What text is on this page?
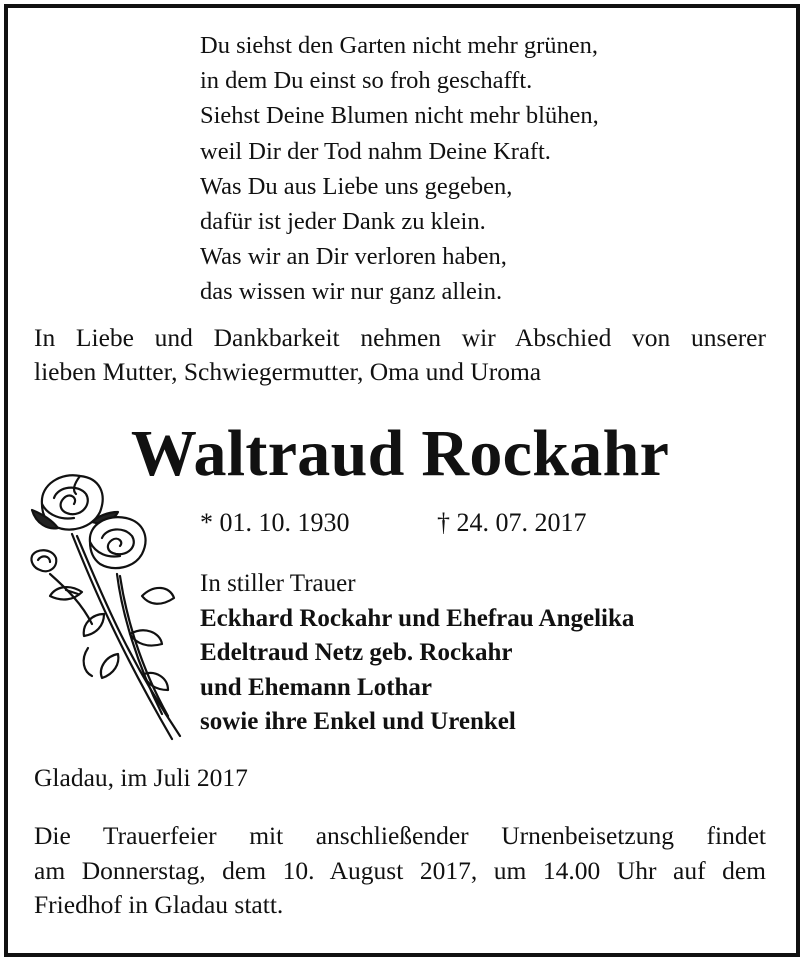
Du siehst den Garten nicht mehr grünen,
in dem Du einst so froh geschafft.
Siehst Deine Blumen nicht mehr blühen,
weil Dir der Tod nahm Deine Kraft.
Was Du aus Liebe uns gegeben,
dafür ist jeder Dank zu klein.
Was wir an Dir verloren haben,
das wissen wir nur ganz allein.
In Liebe und Dankbarkeit nehmen wir Abschied von unserer
lieben Mutter, Schwiegermutter, Oma und Uroma
Waltraud Rockahr
* 01. 10. 1930	† 24. 07. 2017
In stiller Trauer
Eckhard Rockahr und Ehefrau Angelika
Edeltraud Netz geb. Rockahr
und Ehemann Lothar
sowie ihre Enkel und Urenkel
Gladau, im Juli 2017
Die Trauerfeier mit anschließender Urnenbeisetzung findet
am Donnerstag, dem 10. August 2017, um 14.00 Uhr auf dem
Friedhof in Gladau statt.
